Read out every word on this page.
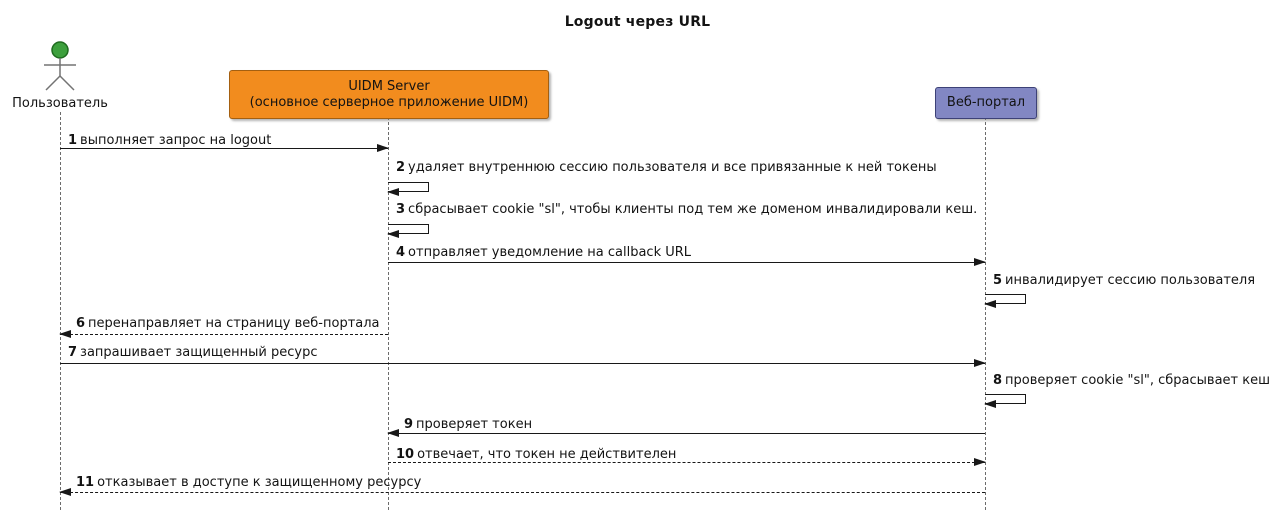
Logout через URL
Пользователь
UIDM Server
(основное серверное приложение UIDM)	Веб-портал
1 выполняет запрос на logout
2 удаляет внутреннюю сессию пользователя и все привязанные к ней токены
3 сбрасывает cookie "sl", чтобы клиенты под тем же доменом инвалидировали кеш.
4 отправляет уведомление на callback URL
5 инвалидирует сессию пользователя
6 перенаправляет на страницу веб-портала
7 запрашивает защищенный ресурс
8 проверяет cookie "sl", сбрасывает кеш
9 проверяет токен
10 отвечает, что токен не действителен
11 отказывает в доступе к защищенному ресурсу
